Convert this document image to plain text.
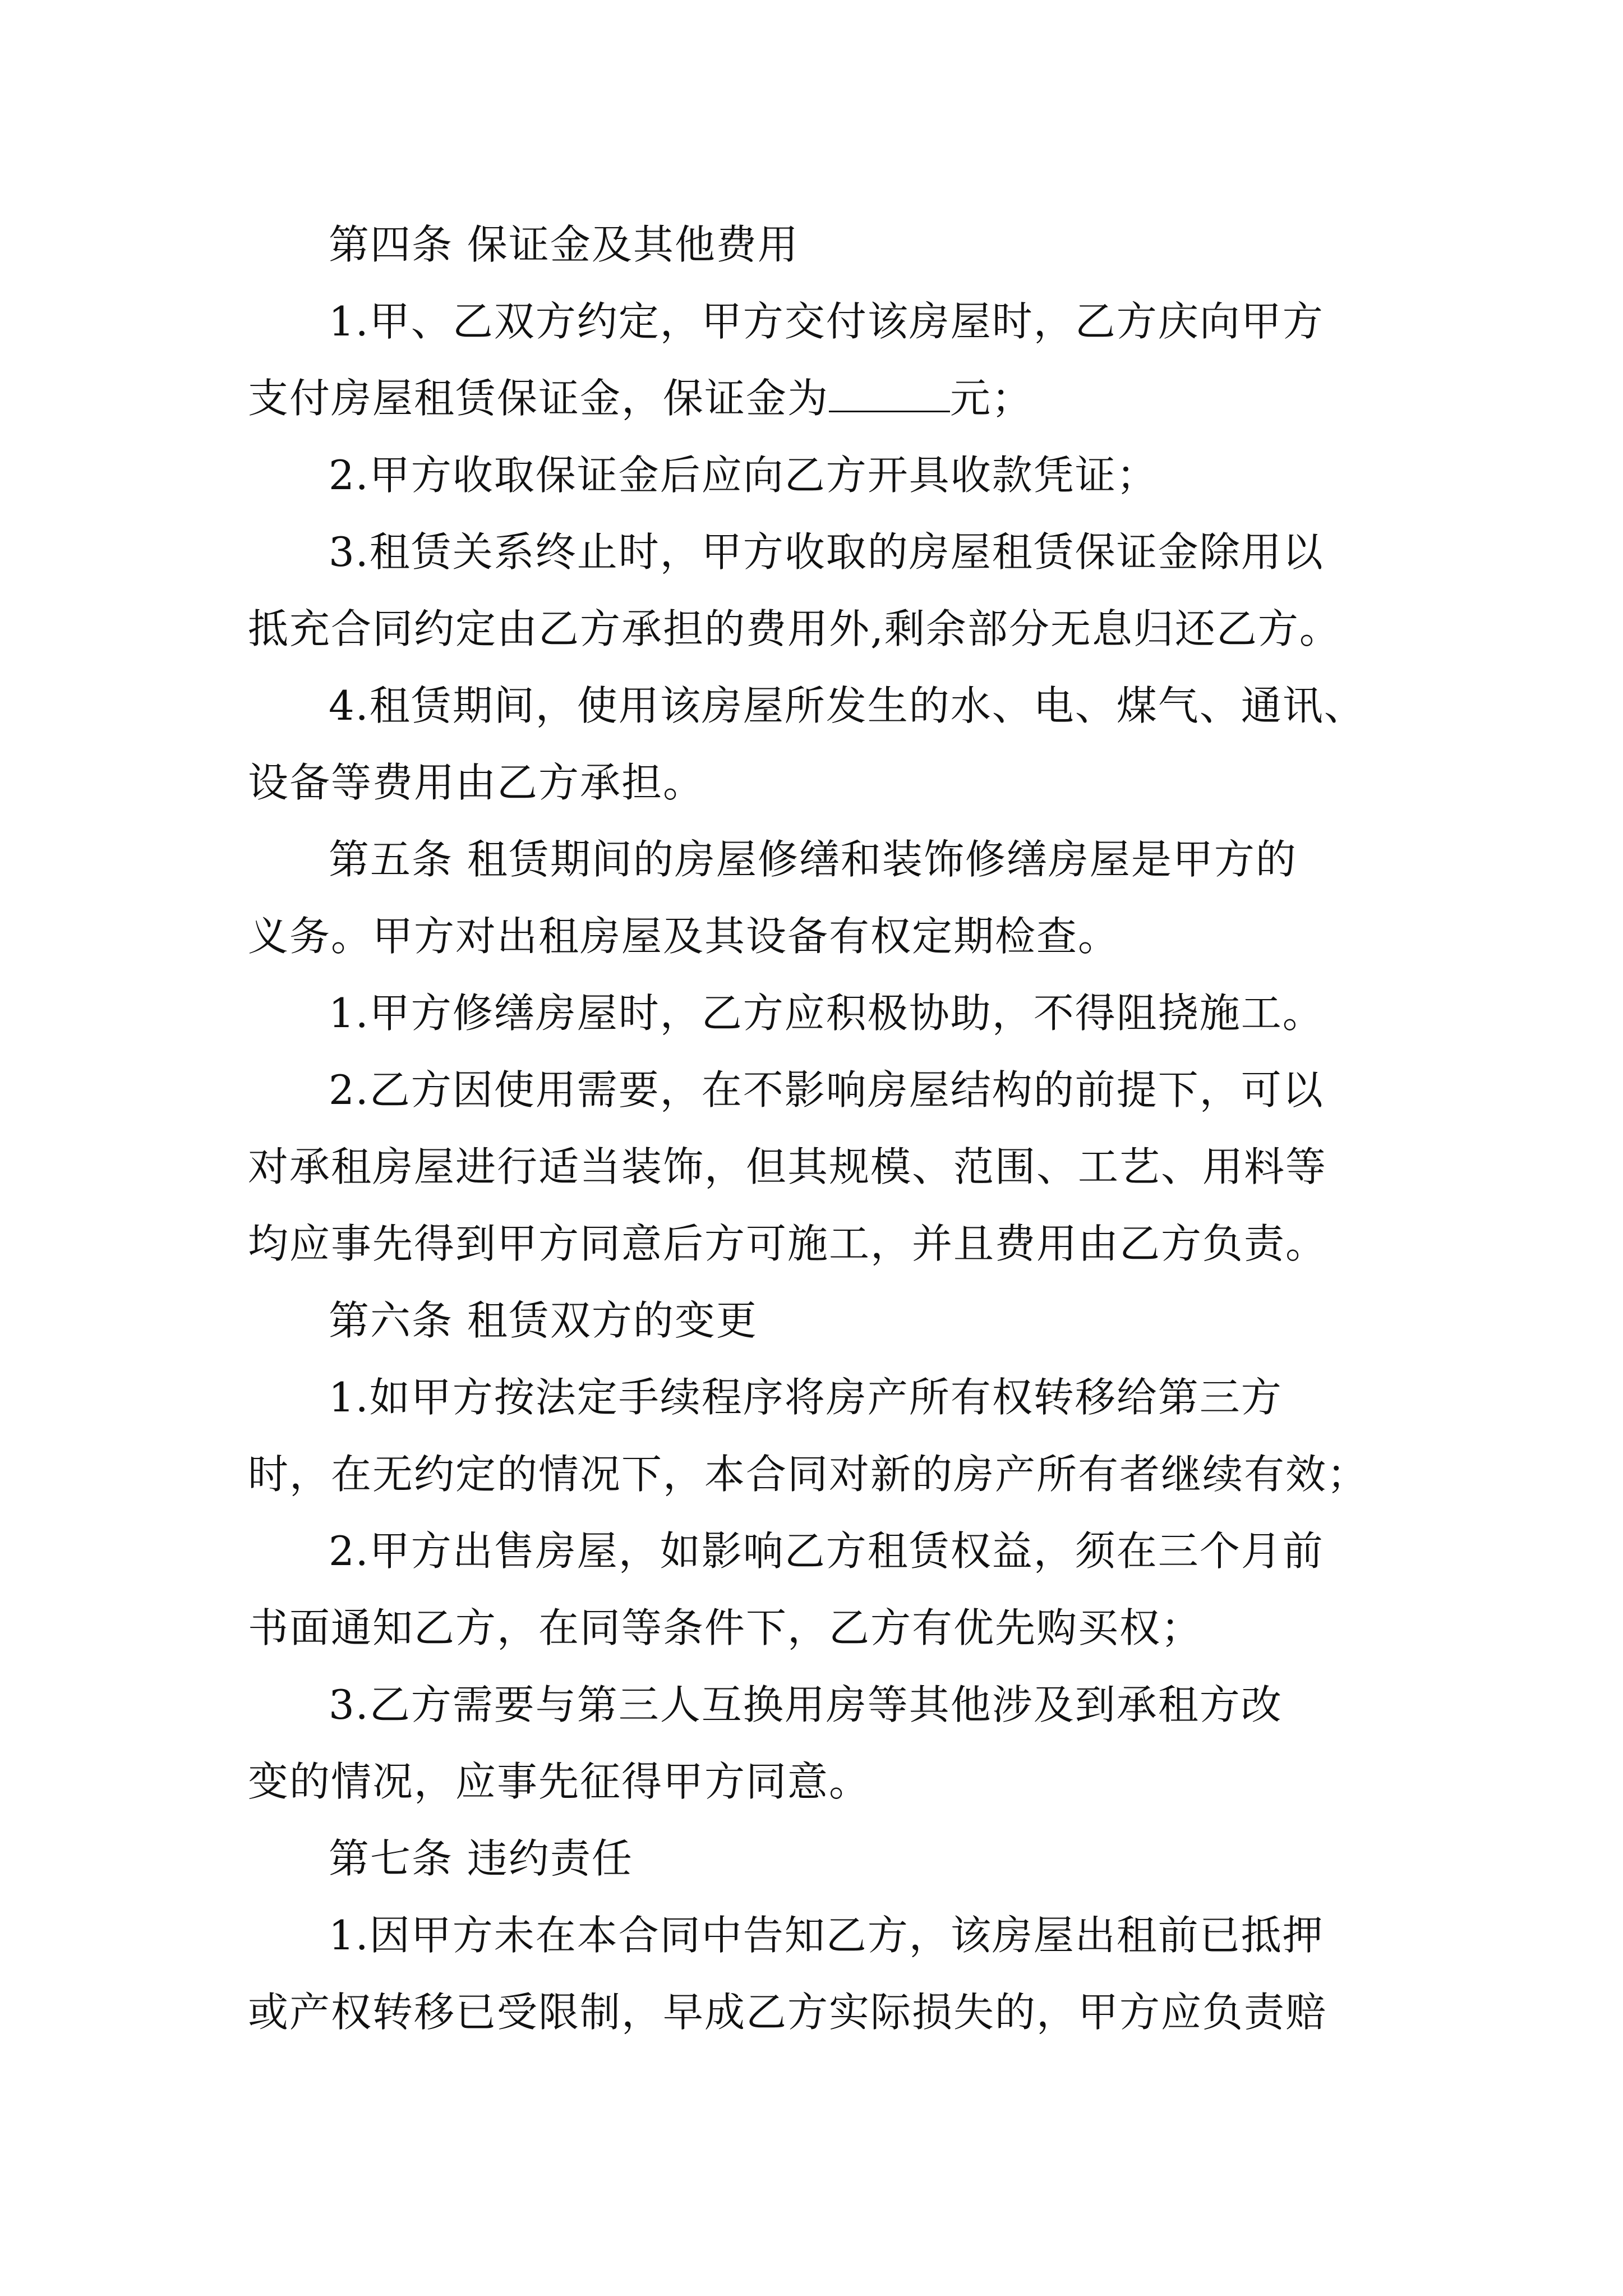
第四条 保证金及其他费用
1.甲、乙双方约定，甲方交付该房屋时，乙方庆向甲方
支付房屋租赁保证金，保证金为	元；
2.甲方收取保证金后应向乙方开具收款凭证；
3.租赁关系终止时，甲方收取的房屋租赁保证金除用以
抵充合同约定由乙方承担的费用外,剩余部分无息归还乙方。
4.租赁期间，使用该房屋所发生的水、电、煤气、通讯、
设备等费用由乙方承担。
第五条 租赁期间的房屋修缮和装饰修缮房屋是甲方的
义务。甲方对出租房屋及其设备有权定期检查。
1.甲方修缮房屋时，乙方应积极协助，不得阻挠施工。
2.乙方因使用需要，在不影响房屋结构的前提下，可以
对承租房屋进行适当装饰，但其规模、范围、工艺、用料等
均应事先得到甲方同意后方可施工，并且费用由乙方负责。
第六条 租赁双方的变更
1.如甲方按法定手续程序将房产所有权转移给第三方
时，在无约定的情况下，本合同对新的房产所有者继续有效；
2.甲方出售房屋，如影响乙方租赁权益，须在三个月前
书面通知乙方，在同等条件下，乙方有优先购买权；
3.乙方需要与第三人互换用房等其他涉及到承租方改
变的情况，应事先征得甲方同意。
第七条 违约责任
1.因甲方未在本合同中告知乙方，该房屋出租前已抵押
或产权转移已受限制，早成乙方实际损失的，甲方应负责赔
